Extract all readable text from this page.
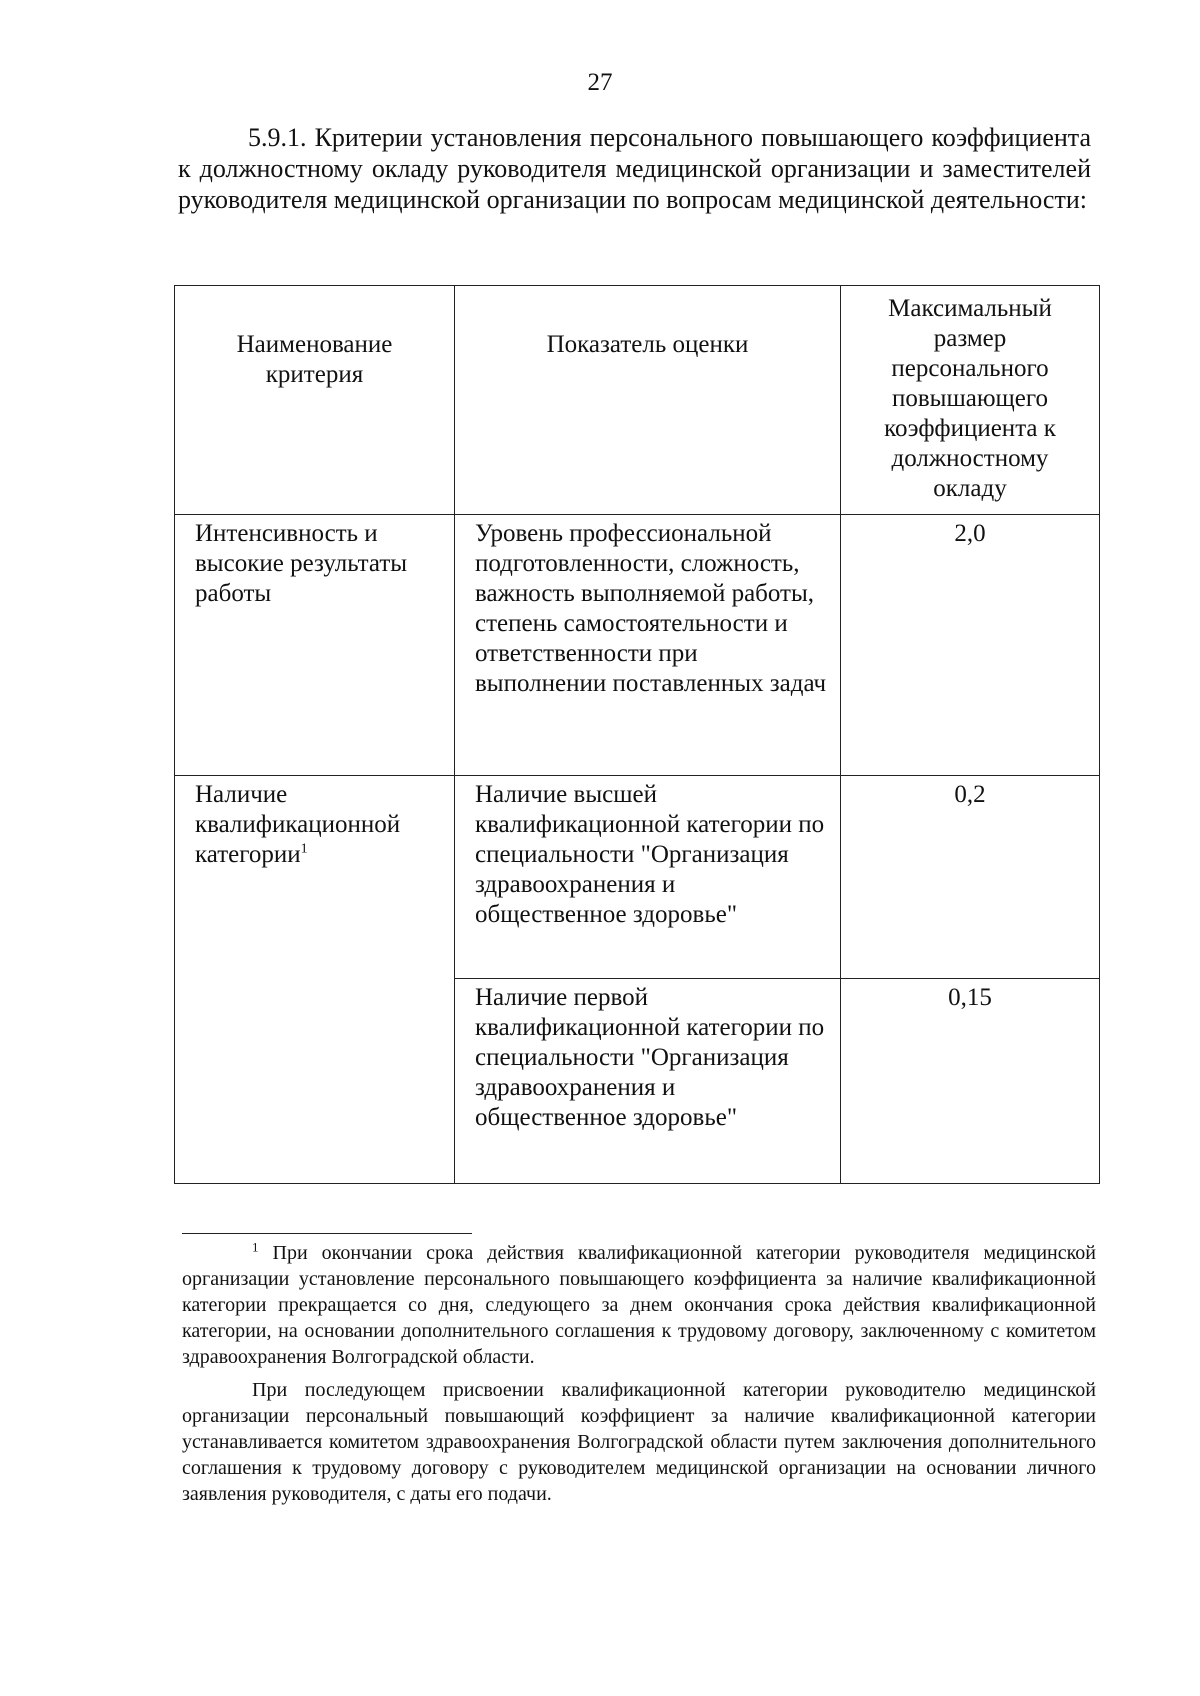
27
5.9.1. Критерии установления персонального повышающего коэффициента к должностному окладу руководителя медицинской организации и заместителей руководителя медицинской организации по вопросам медицинской деятельности:
Наименование критерия	Показатель оценки	Максимальный размер персонального повышающего коэффициента к должностному окладу
Интенсивность и высокие результаты работы	Уровень профессиональной подготовленности, сложность, важность выполняемой работы, степень самостоятельности и ответственности при выполнении поставленных задач	2,0
Наличие квалификационной категории$^1$	Наличие высшей квалификационной категории по специальности "Организация здравоохранения и общественное здоровье"	0,2
	Наличие первой квалификационной категории по специальности "Организация здравоохранения и общественное здоровье"	0,15

$^1$ При окончании срока действия квалификационной категории руководителя медицинской организации установление персонального повышающего коэффициента за наличие квалификационной категории прекращается со дня, следующего за днем окончания срока действия квалификационной категории, на основании дополнительного соглашения к трудовому договору, заключенному с комитетом здравоохранения Волгоградской области.

При последующем присвоении квалификационной категории руководителю медицинской организации персональный повышающий коэффициент за наличие квалификационной категории устанавливается комитетом здравоохранения Волгоградской области путем заключения дополнительного соглашения к трудовому договору с руководителем медицинской организации на основании личного заявления руководителя, с даты его подачи.
